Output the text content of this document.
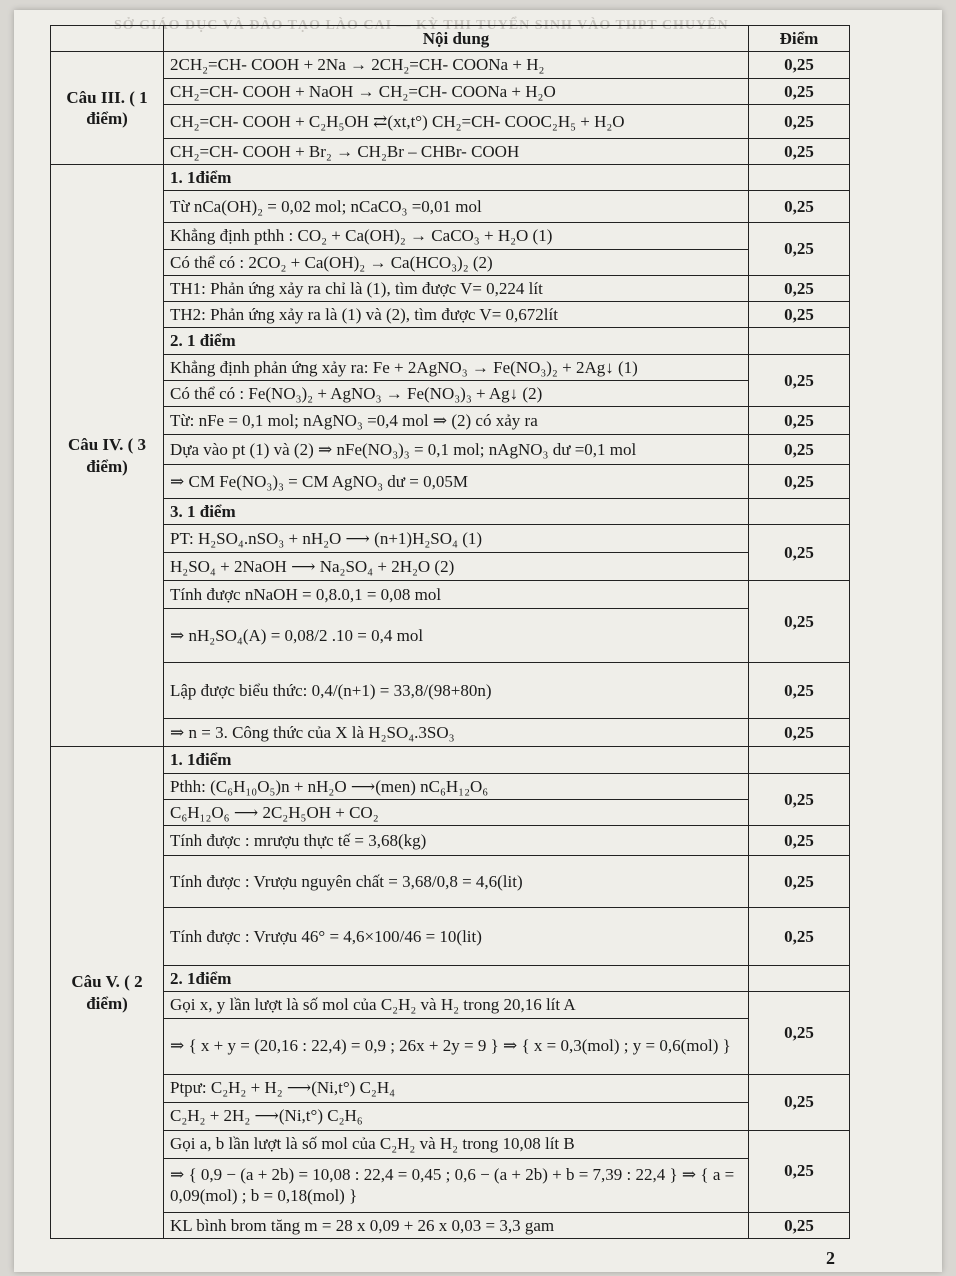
SỞ GIÁO DỤC VÀ ĐÀO TẠO LÀO CAI — KỲ THI TUYỂN SINH VÀO THPT CHUYÊN
	Nội dung	Điểm
Câu III. ( 1 điểm)	2CH₂=CH- COOH + 2Na → 2CH₂=CH- COONa + H₂	0,25
	CH₂=CH- COOH + NaOH → CH₂=CH- COONa + H₂O	0,25
	CH₂=CH- COOH + C₂H₅OH ⇄(xt,t°) CH₂=CH- COOC₂H₅ + H₂O	0,25
	CH₂=CH- COOH + Br₂ → CH₂Br – CHBr- COOH	0,25
Câu IV. ( 3 điểm)	1. 1điểm	
	Từ nCa(OH)₂ = 0,02 mol; nCaCO₃ =0,01 mol	0,25
	Khẳng định pthh : CO₂ + Ca(OH)₂ → CaCO₃ + H₂O (1)	0,25
	Có thể có : 2CO₂ + Ca(OH)₂ → Ca(HCO₃)₂ (2)	
	TH1: Phản ứng xảy ra chỉ là (1), tìm được V= 0,224 lít	0,25
	TH2: Phản ứng xảy ra là (1) và (2), tìm được V= 0,672lít	0,25
	2. 1 điểm	
	Khẳng định phản ứng xảy ra: Fe + 2AgNO₃ → Fe(NO₃)₂ + 2Ag↓ (1)	0,25
	Có thể có : Fe(NO₃)₂ + AgNO₃ → Fe(NO₃)₃ + Ag↓ (2)	
	Từ: nFe = 0,1 mol; nAgNO₃ =0,4 mol ⇒ (2) có xảy ra	0,25
	Dựa vào pt (1) và (2) ⇒ nFe(NO₃)₃ = 0,1 mol; nAgNO₃ dư =0,1 mol	0,25
	⇒ CM Fe(NO₃)₃ = CM AgNO₃ dư = 0,05M	0,25
	3. 1 điểm	
	PT: H₂SO₄.nSO₃ + nH₂O ⟶ (n+1)H₂SO₄ (1)	0,25
	H₂SO₄ + 2NaOH ⟶ Na₂SO₄ + 2H₂O (2)	
	Tính được nNaOH = 0,8.0,1 = 0,08 mol	0,25
	⇒ nH₂SO₄(A) = 0,08/2 .10 = 0,4 mol	
	Lập được biểu thức: 0,4/(n+1) = 33,8/(98+80n)	0,25
	⇒ n = 3. Công thức của X là H₂SO₄.3SO₃	0,25
Câu V. ( 2 điểm)	1. 1điểm	
	Pthh: (C₆H₁₀O₅)n + nH₂O ⟶(men) nC₆H₁₂O₆	0,25
	C₆H₁₂O₆ ⟶ 2C₂H₅OH + CO₂	
	Tính được : mrượu thực tế = 3,68(kg)	0,25
	Tính được : Vrượu nguyên chất = 3,68/0,8 = 4,6(lit)	0,25
	Tính được : Vrượu 46° = 4,6×100/46 = 10(lit)	0,25
	2. 1điểm	
	Gọi x, y lần lượt là số mol của C₂H₂ và H₂ trong 20,16 lít A	0,25
	⇒ { x + y = (20,16 : 22,4) = 0,9 ; 26x + 2y = 9 } ⇒ { x = 0,3(mol) ; y = 0,6(mol) }	
	Ptpư: C₂H₂ + H₂ ⟶(Ni,t°) C₂H₄	0,25
	C₂H₂ + 2H₂ ⟶(Ni,t°) C₂H₆	
	Gọi a, b lần lượt là số mol của C₂H₂ và H₂ trong 10,08 lít B	0,25
	⇒ { 0,9 − (a + 2b) = 10,08 : 22,4 = 0,45 ; 0,6 − (a + 2b) + b = 7,39 : 22,4 } ⇒ { a = 0,09(mol) ; b = 0,18(mol) }	
	KL bình brom tăng m = 28 x 0,09 + 26 x 0,03 = 3,3 gam	0,25
2
